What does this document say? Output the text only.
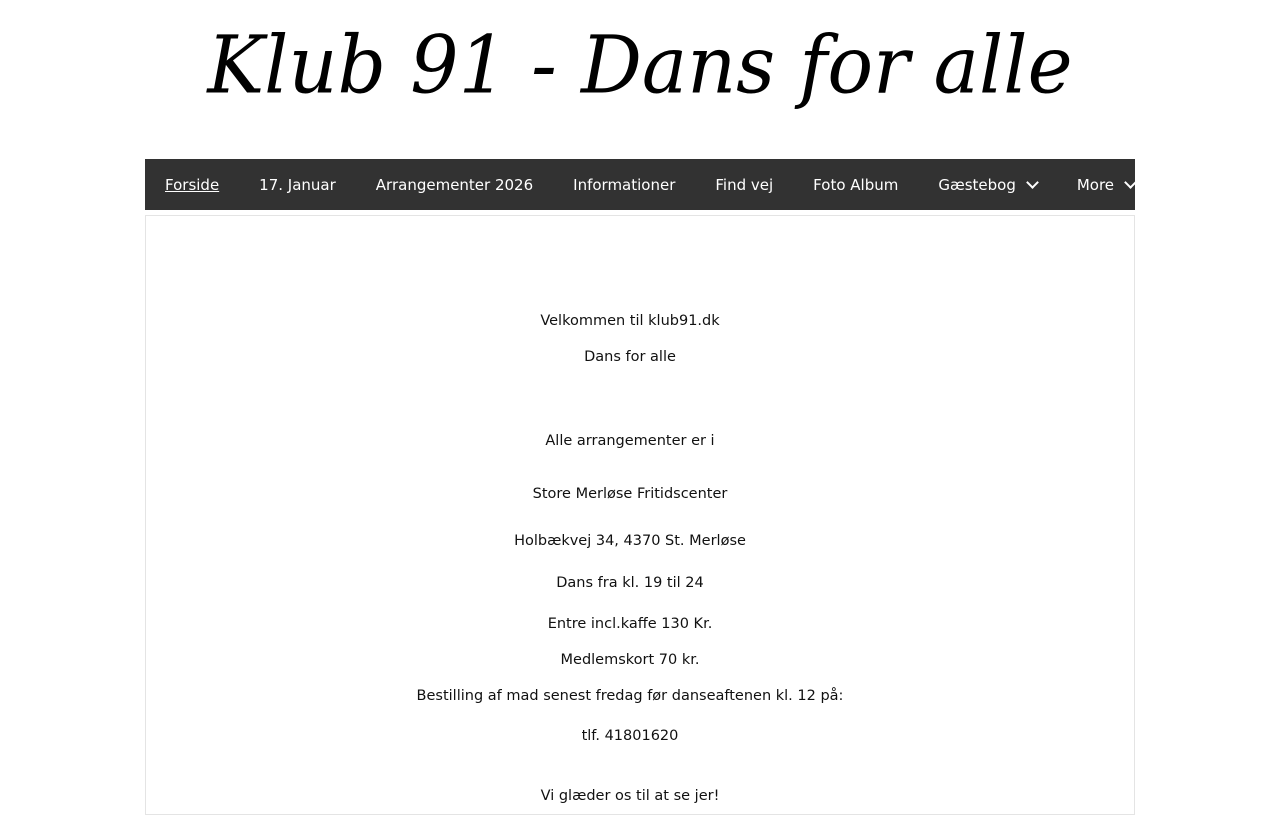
Klub 91 - Dans for alle
Forside	17. Januar	Arrangementer 2026	Informationer	Find vej	Foto Album	Gæstebog	More
Velkommen til klub91.dk
Dans for alle
Alle arrangementer er i
Store Merløse Fritidscenter
Holbækvej 34, 4370 St. Merløse
Dans fra kl. 19 til 24
Entre incl.kaffe 130 Kr.
Medlemskort 70 kr.
Bestilling af mad senest fredag før danseaftenen kl. 12 på:
tlf. 41801620
Vi glæder os til at se jer!
